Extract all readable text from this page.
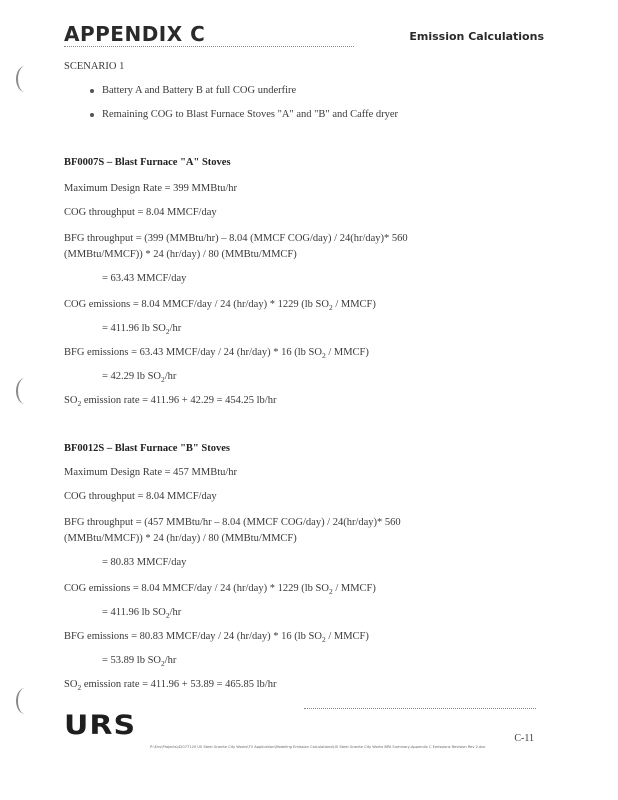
APPENDIX C	Emission Calculations
SCENARIO 1
Battery A and Battery B at full COG underfire
Remaining COG to Blast Furnace Stoves "A" and "B" and Caffe dryer
BF0007S – Blast Furnace "A" Stoves
Maximum Design Rate = 399 MMBtu/hr
COG throughput = 8.04 MMCF/day
BFG throughput = (399 (MMBtu/hr) – 8.04 (MMCF COG/day) / 24(hr/day)* 560
(MMBtu/MMCF)) * 24 (hr/day) / 80 (MMBtu/MMCF)
= 63.43 MMCF/day
COG emissions = 8.04 MMCF/day / 24 (hr/day) * 1229 (lb $SO_2$ / MMCF)
= 411.96 lb $SO_2/hr$
BFG emissions = 63.43 MMCF/day / 24 (hr/day) * 16 (lb $SO_2$ / MMCF)
= 42.29 lb $SO_2/hr$
$SO_2$ emission rate = 411.96 + 42.29 = 454.25 lb/hr
BF0012S – Blast Furnace "B" Stoves
Maximum Design Rate = 457 MMBtu/hr
COG throughput = 8.04 MMCF/day
BFG throughput = (457 MMBtu/hr – 8.04 (MMCF COG/day) / 24(hr/day)* 560
(MMBtu/MMCF)) * 24 (hr/day) / 80 (MMBtu/MMCF)
= 80.83 MMCF/day
COG emissions = 8.04 MMCF/day / 24 (hr/day) * 1229 (lb $SO_2$ / MMCF)
= 411.96 lb $SO_2/hr$
BFG emissions = 80.83 MMCF/day / 24 (hr/day) * 16 (lb $SO_2$ / MMCF)
= 53.89 lb $SO_2/hr$
$SO_2$ emission rate = 411.96 + 53.89 = 465.85 lb/hr
URS	C-11
P:\Env\Projects\42077120 US Steel Granite City Works\TV Application\Modeling Emission Calculations\US Steel Granite City Works BPA Summary-Appendix C Emissions Revision Rev 2.doc
